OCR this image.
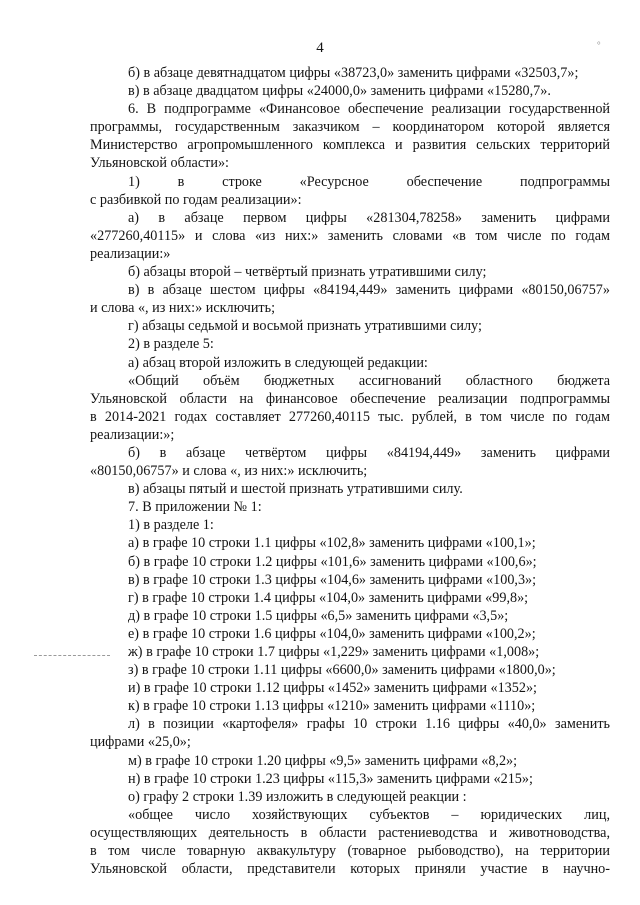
4	°
б) в абзаце девятнадцатом цифры «38723,0» заменить цифрами «32503,7»;
в) в абзаце двадцатом цифры «24000,0» заменить цифрами «15280,7».
6. В подпрограмме «Финансовое обеспечение реализации государственной
программы, государственным заказчиком – координатором которой является
Министерство агропромышленного комплекса и развития сельских территорий
Ульяновской области»:
1) в строке «Ресурсное обеспечение подпрограммы
с разбивкой по годам реализации»:
а) в абзаце первом цифры «281304,78258» заменить цифрами
«277260,40115» и слова «из них:» заменить словами «в том числе по годам
реализации:»
б) абзацы второй – четвёртый признать утратившими силу;
в) в абзаце шестом цифры «84194,449» заменить цифрами «80150,06757»
и слова «, из них:» исключить;
г) абзацы седьмой и восьмой признать утратившими силу;
2) в разделе 5:
а) абзац второй изложить в следующей редакции:
«Общий объём бюджетных ассигнований областного бюджета
Ульяновской области на финансовое обеспечение реализации подпрограммы
в 2014-2021 годах составляет 277260,40115 тыс. рублей, в том числе по годам
реализации:»;
б) в абзаце четвёртом цифры «84194,449» заменить цифрами
«80150,06757» и слова «, из них:» исключить;
в) абзацы пятый и шестой признать утратившими силу.
7. В приложении № 1:
1) в разделе 1:
а) в графе 10 строки 1.1 цифры «102,8» заменить цифрами «100,1»;
б) в графе 10 строки 1.2 цифры «101,6» заменить цифрами «100,6»;
в) в графе 10 строки 1.3 цифры «104,6» заменить цифрами «100,3»;
г) в графе 10 строки 1.4 цифры «104,0» заменить цифрами «99,8»;
д) в графе 10 строки 1.5 цифры «6,5» заменить цифрами «3,5»;
е) в графе 10 строки 1.6 цифры «104,0» заменить цифрами «100,2»;
ж) в графе 10 строки 1.7 цифры «1,229» заменить цифрами «1,008»;
з) в графе 10 строки 1.11 цифры «6600,0» заменить цифрами «1800,0»;
и) в графе 10 строки 1.12 цифры «1452» заменить цифрами «1352»;
к) в графе 10 строки 1.13 цифры «1210» заменить цифрами «1110»;
л) в позиции «картофеля» графы 10 строки 1.16 цифры «40,0» заменить
цифрами «25,0»;
м) в графе 10 строки 1.20 цифры «9,5» заменить цифрами «8,2»;
н) в графе 10 строки 1.23 цифры «115,3» заменить цифрами «215»;
о) графу 2 строки 1.39 изложить в следующей реакции :
«общее число хозяйствующих субъектов – юридических лиц,
осуществляющих деятельность в области растениеводства и животноводства,
в том числе товарную аквакультуру (товарное рыбоводство), на территории
Ульяновской области, представители которых приняли участие в научно-
